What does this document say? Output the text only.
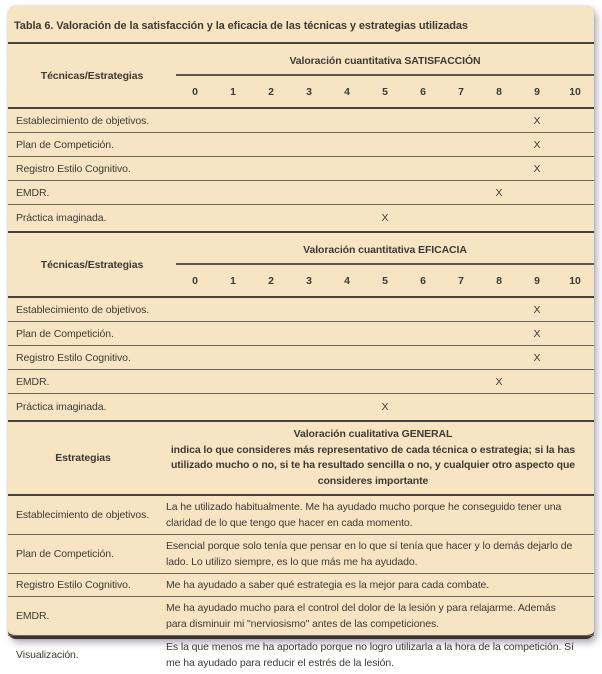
Tabla 6. Valoración de la satisfacción y la eficacia de las técnicas y estrategias utilizadas
Técnicas/Estrategias	Valoración cuantitativa SATISFACCIÓN										
	0	1	2	3	4	5	6	7	8	9	10
Establecimiento de objetivos.										X	
Plan de Competición.										X	
Registro Estilo Cognitivo.										X	
EMDR.									X		
Práctica imaginada.						X					
Técnicas/Estrategias	Valoración cuantitativa EFICACIA										
	0	1	2	3	4	5	6	7	8	9	10
Establecimiento de objetivos.										X	
Plan de Competición.										X	
Registro Estilo Cognitivo.										X	
EMDR.									X		
Práctica imaginada.						X					
Estrategias	Valoración cualitativa GENERAL
indica lo que consideres más representativo de cada técnica o estrategia; si la has utilizado mucho o no, si te ha resultado sencilla o no, y cualquier otro aspecto que consideres importante
Establecimiento de objetivos.	La he utilizado habitualmente. Me ha ayudado mucho porque he conseguido tener una claridad de lo que tengo que hacer en cada momento.
Plan de Competición.	Esencial porque solo tenía que pensar en lo que sí tenía que hacer y lo demás dejarlo de lado. Lo utilizo siempre, es lo que más me ha ayudado.
Registro Estilo Cognitivo.	Me ha ayudado a saber qué estrategia es la mejor para cada combate.
EMDR.	Me ha ayudado mucho para el control del dolor de la lesión y para relajarme. Además para disminuir mi "nerviosismo" antes de las competiciones.
Visualización.	Es la que menos me ha aportado porque no logro utilizarla a la hora de la competición. Sí me ha ayudado para reducir el estrés de la lesión.
